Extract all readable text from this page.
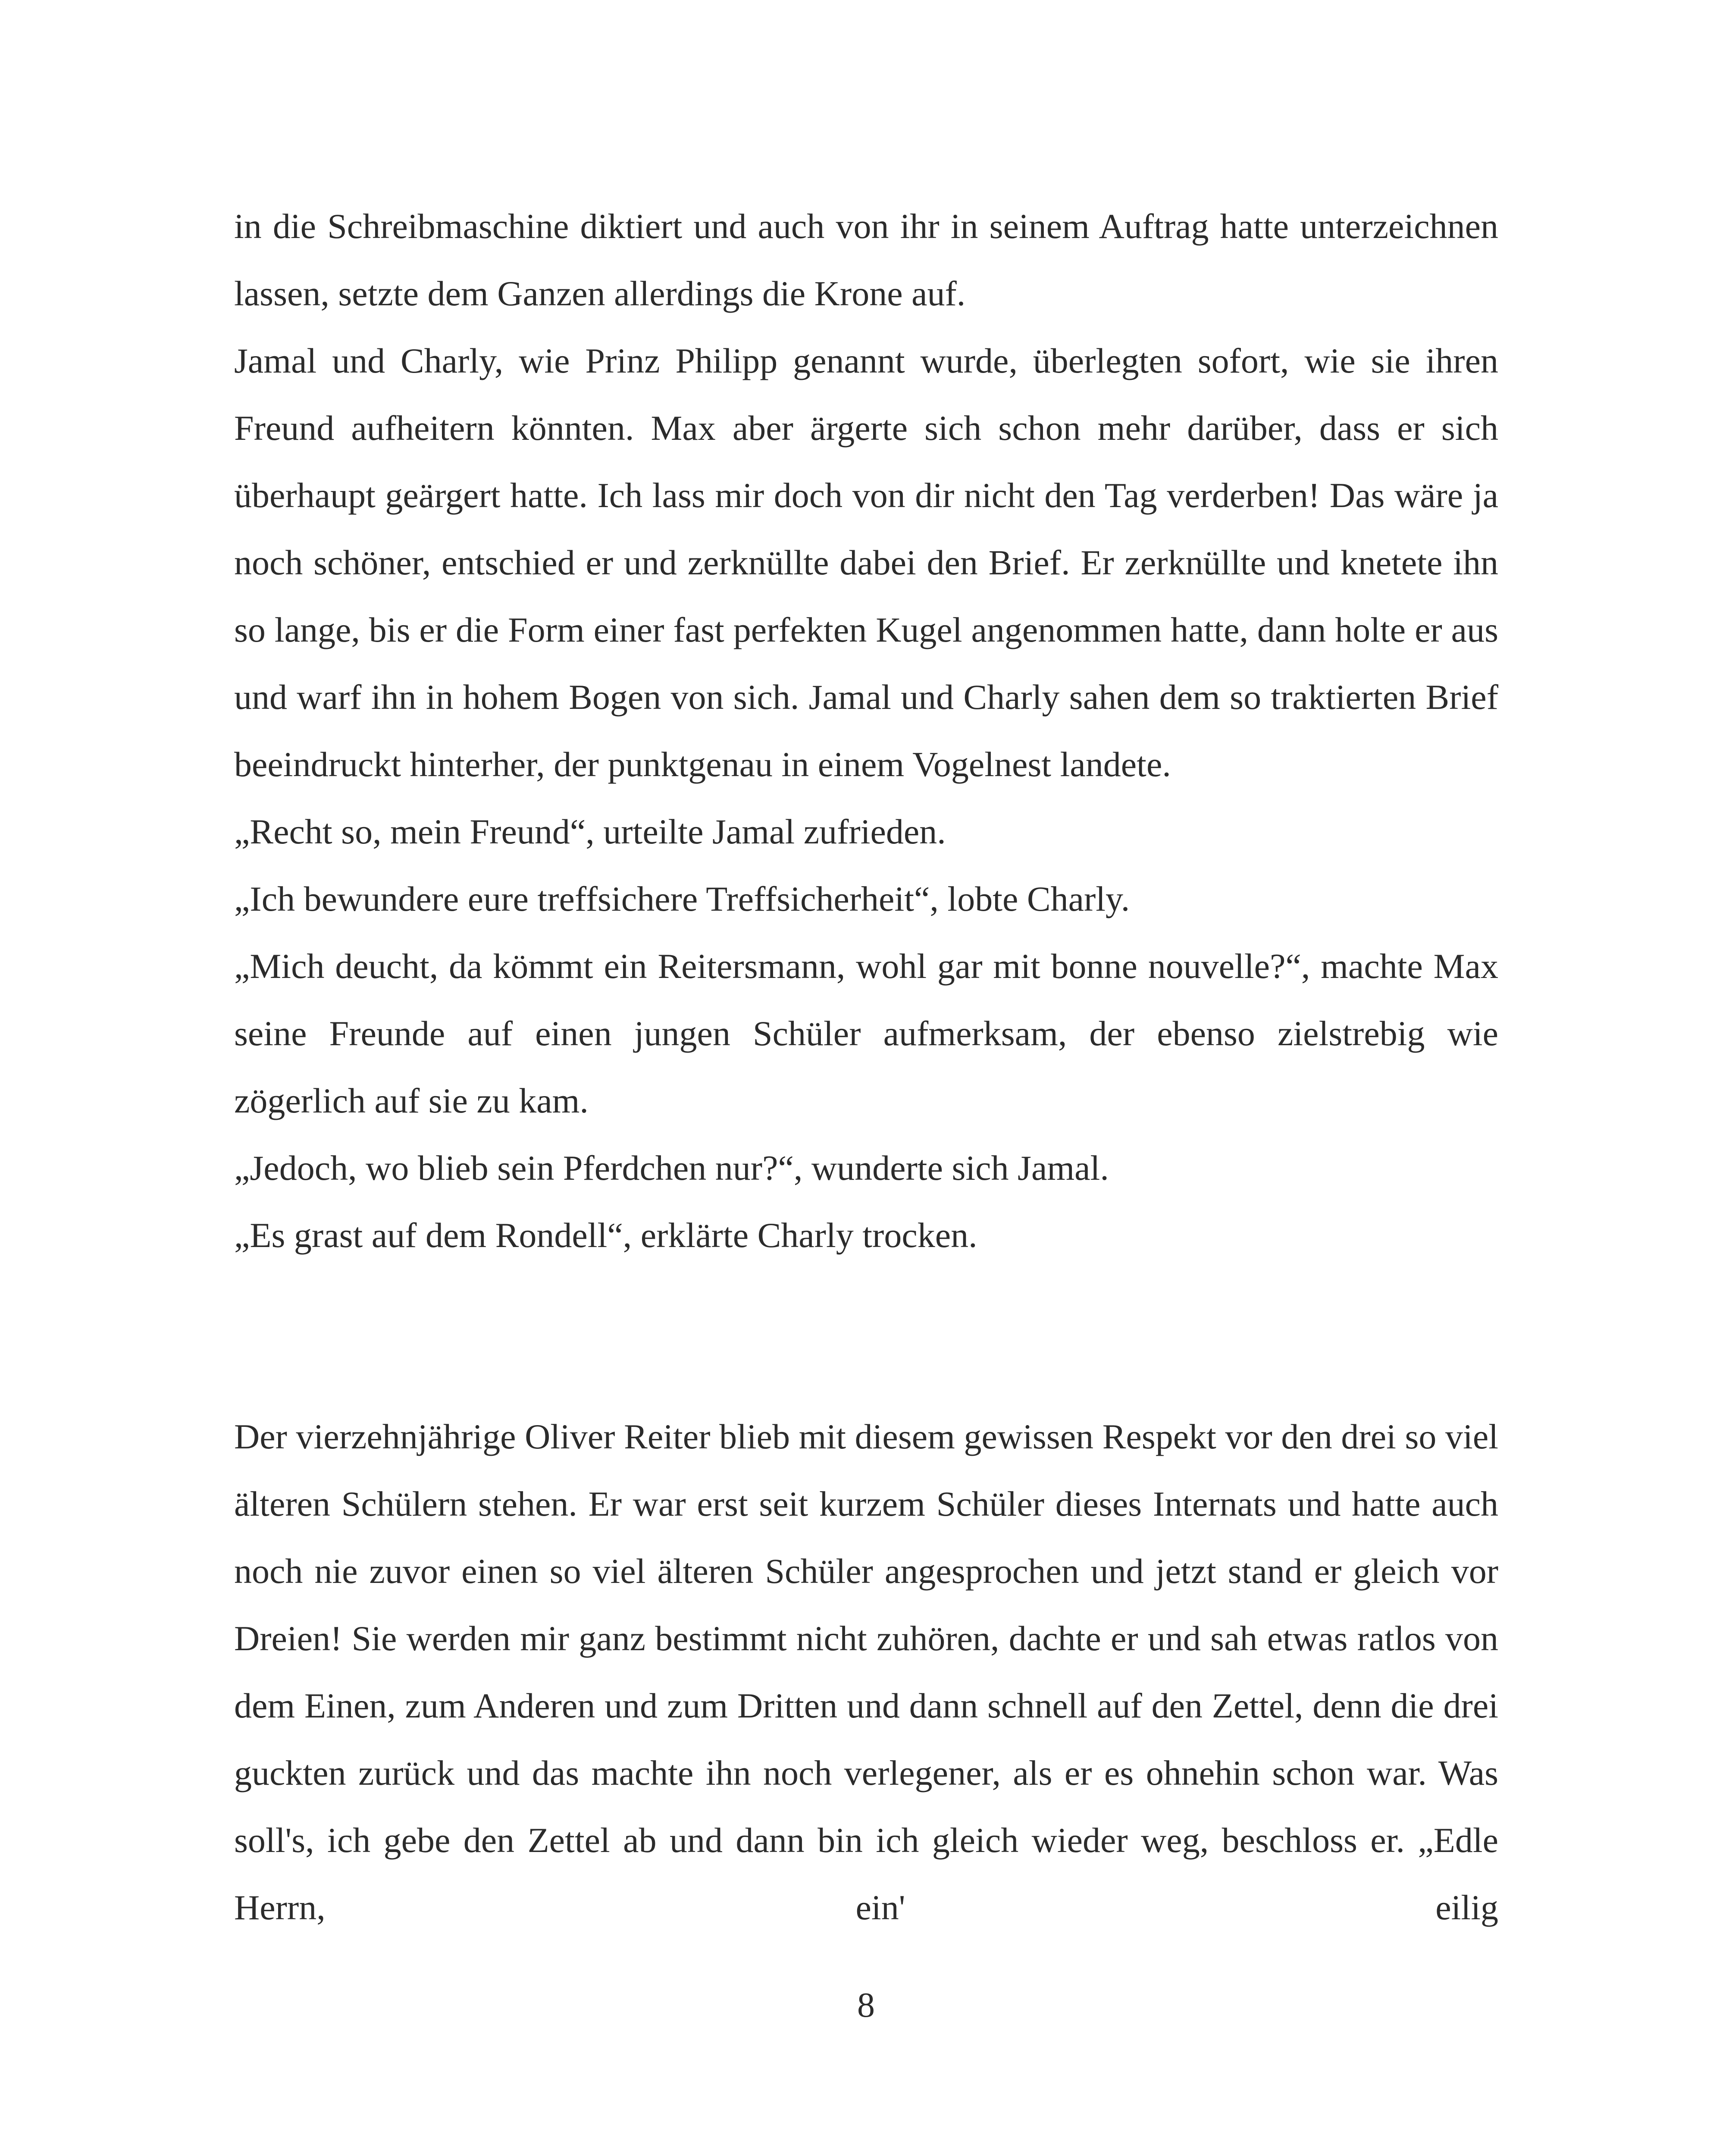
in die Schreibmaschine diktiert und auch von ihr in seinem Auftrag hatte unterzeichnen lassen, setzte dem Ganzen allerdings die Krone auf.

Jamal und Charly, wie Prinz Philipp genannt wurde, überlegten sofort, wie sie ihren Freund aufheitern könnten. Max aber ärgerte sich schon mehr darüber, dass er sich überhaupt geärgert hatte. Ich lass mir doch von dir nicht den Tag verderben! Das wäre ja noch schöner, entschied er und zerknüllte dabei den Brief. Er zerknüllte und knetete ihn so lange, bis er die Form einer fast perfekten Kugel angenommen hatte, dann holte er aus und warf ihn in hohem Bogen von sich. Jamal und Charly sahen dem so traktierten Brief beeindruckt hinterher, der punktgenau in einem Vogelnest landete.

„Recht so, mein Freund“, urteilte Jamal zufrieden.

„Ich bewundere eure treffsichere Treffsicherheit“, lobte Charly.

„Mich deucht, da kömmt ein Reitersmann, wohl gar mit bonne nouvelle?“, machte Max seine Freunde auf einen jungen Schüler aufmerksam, der ebenso zielstrebig wie zögerlich auf sie zu kam.

„Jedoch, wo blieb sein Pferdchen nur?“, wunderte sich Jamal.

„Es grast auf dem Rondell“, erklärte Charly trocken.

Der vierzehnjährige Oliver Reiter blieb mit diesem gewissen Respekt vor den drei so viel älteren Schülern stehen. Er war erst seit kurzem Schüler dieses Internats und hatte auch noch nie zuvor einen so viel älteren Schüler angesprochen und jetzt stand er gleich vor Dreien! Sie werden mir ganz bestimmt nicht zuhören, dachte er und sah etwas ratlos von dem Einen, zum Anderen und zum Dritten und dann schnell auf den Zettel, denn die drei guckten zurück und das machte ihn noch verlegener, als er es ohnehin schon war. Was soll's, ich gebe den Zettel ab und dann bin ich gleich wieder weg, beschloss er. „Edle Herrn, ein' eilig

8
